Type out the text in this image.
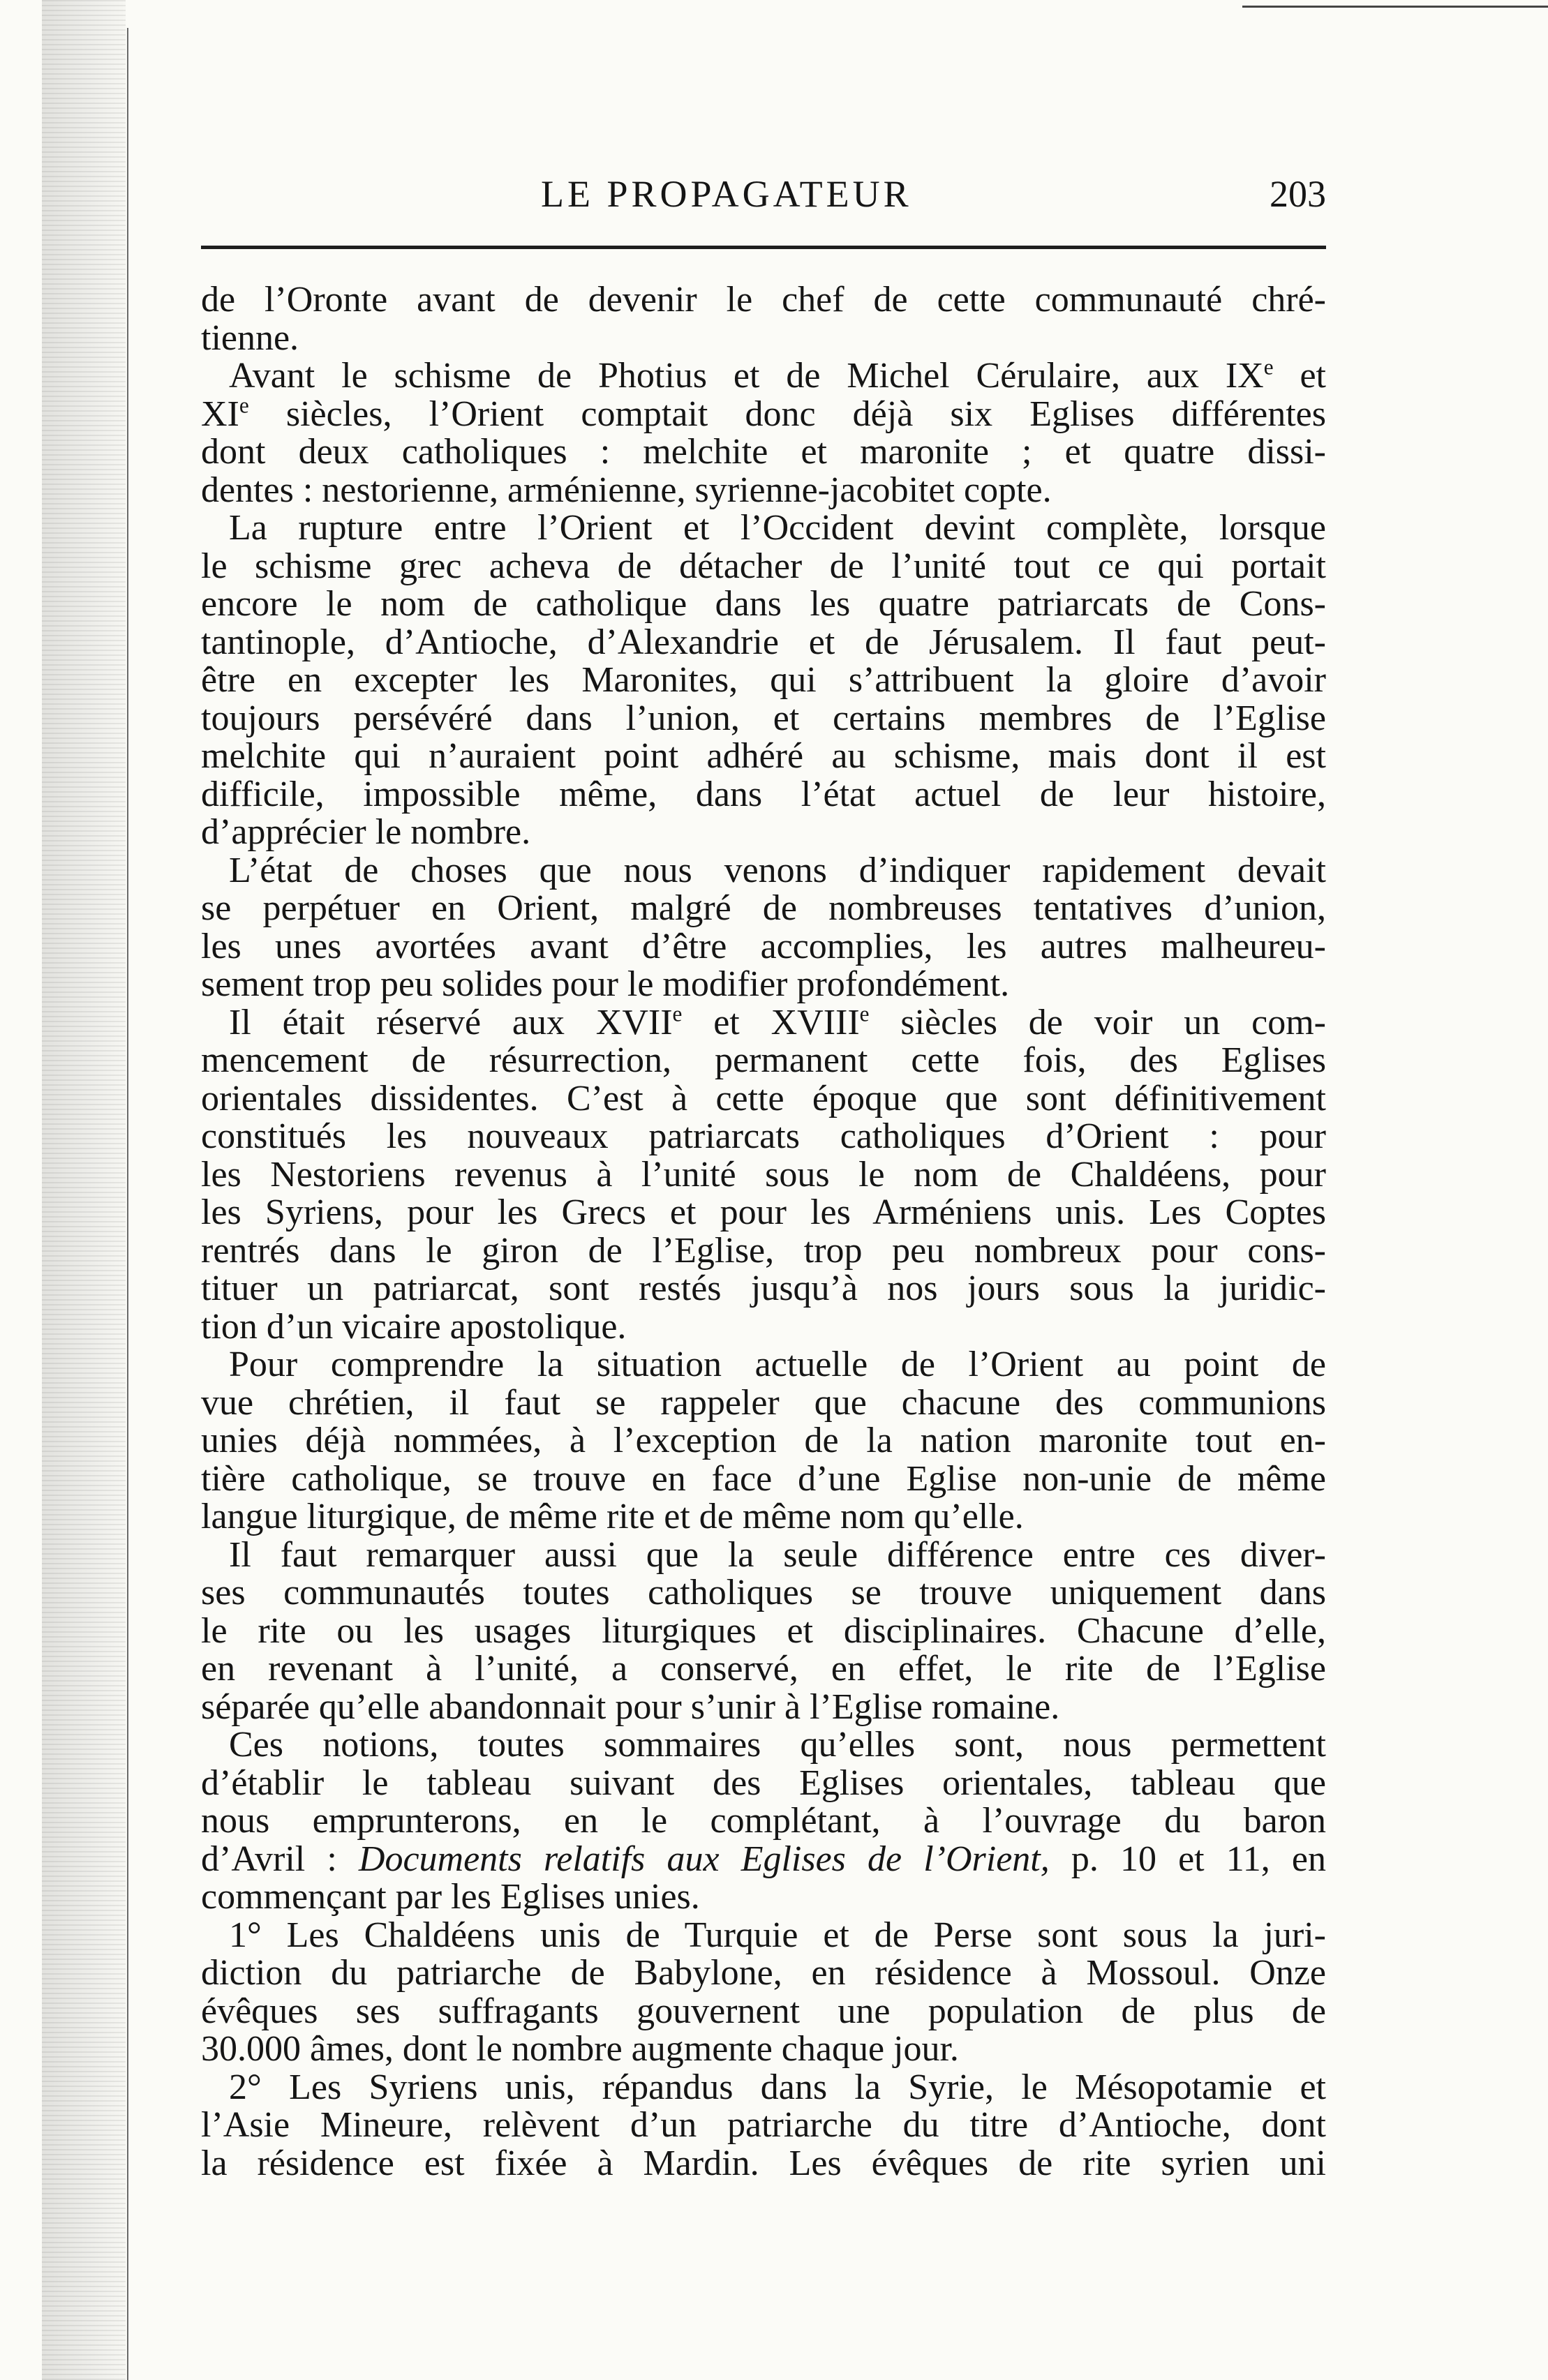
LE PROPAGATEUR	203
de l’Oronte avant de devenir le chef de cette communauté chré-
tienne.
Avant le schisme de Photius et de Michel Cérulaire, aux IXe et
XIe siècles, l’Orient comptait donc déjà six Eglises différentes
dont deux catholiques : melchite et maronite ; et quatre dissi-
dentes : nestorienne, arménienne, syrienne-jacobitet copte.
La rupture entre l’Orient et l’Occident devint complète, lorsque
le schisme grec acheva de détacher de l’unité tout ce qui portait
encore le nom de catholique dans les quatre patriarcats de Cons-
tantinople, d’Antioche, d’Alexandrie et de Jérusalem. Il faut peut-
être en excepter les Maronites, qui s’attribuent la gloire d’avoir
toujours persévéré dans l’union, et certains membres de l’Eglise
melchite qui n’auraient point adhéré au schisme, mais dont il est
difficile, impossible même, dans l’état actuel de leur histoire,
d’apprécier le nombre.
L’état de choses que nous venons d’indiquer rapidement devait
se perpétuer en Orient, malgré de nombreuses tentatives d’union,
les unes avortées avant d’être accomplies, les autres malheureu-
sement trop peu solides pour le modifier profondément.
Il était réservé aux XVIIe et XVIIIe siècles de voir un com-
mencement de résurrection, permanent cette fois, des Eglises
orientales dissidentes. C’est à cette époque que sont définitivement
constitués les nouveaux patriarcats catholiques d’Orient : pour
les Nestoriens revenus à l’unité sous le nom de Chaldéens, pour
les Syriens, pour les Grecs et pour les Arméniens unis. Les Coptes
rentrés dans le giron de l’Eglise, trop peu nombreux pour cons-
tituer un patriarcat, sont restés jusqu’à nos jours sous la juridic-
tion d’un vicaire apostolique.
Pour comprendre la situation actuelle de l’Orient au point de
vue chrétien, il faut se rappeler que chacune des communions
unies déjà nommées, à l’exception de la nation maronite tout en-
tière catholique, se trouve en face d’une Eglise non-unie de même
langue liturgique, de même rite et de même nom qu’elle.
Il faut remarquer aussi que la seule différence entre ces diver-
ses communautés toutes catholiques se trouve uniquement dans
le rite ou les usages liturgiques et disciplinaires. Chacune d’elle,
en revenant à l’unité, a conservé, en effet, le rite de l’Eglise
séparée qu’elle abandonnait pour s’unir à l’Eglise romaine.
Ces notions, toutes sommaires qu’elles sont, nous permettent
d’établir le tableau suivant des Eglises orientales, tableau que
nous emprunterons, en le complétant, à l’ouvrage du baron
d’Avril : Documents relatifs aux Eglises de l’Orient, p. 10 et 11, en
commençant par les Eglises unies.
1° Les Chaldéens unis de Turquie et de Perse sont sous la juri-
diction du patriarche de Babylone, en résidence à Mossoul. Onze
évêques ses suffragants gouvernent une population de plus de
30.000 âmes, dont le nombre augmente chaque jour.
2° Les Syriens unis, répandus dans la Syrie, le Mésopotamie et
l’Asie Mineure, relèvent d’un patriarche du titre d’Antioche, dont
la résidence est fixée à Mardin. Les évêques de rite syrien uni
